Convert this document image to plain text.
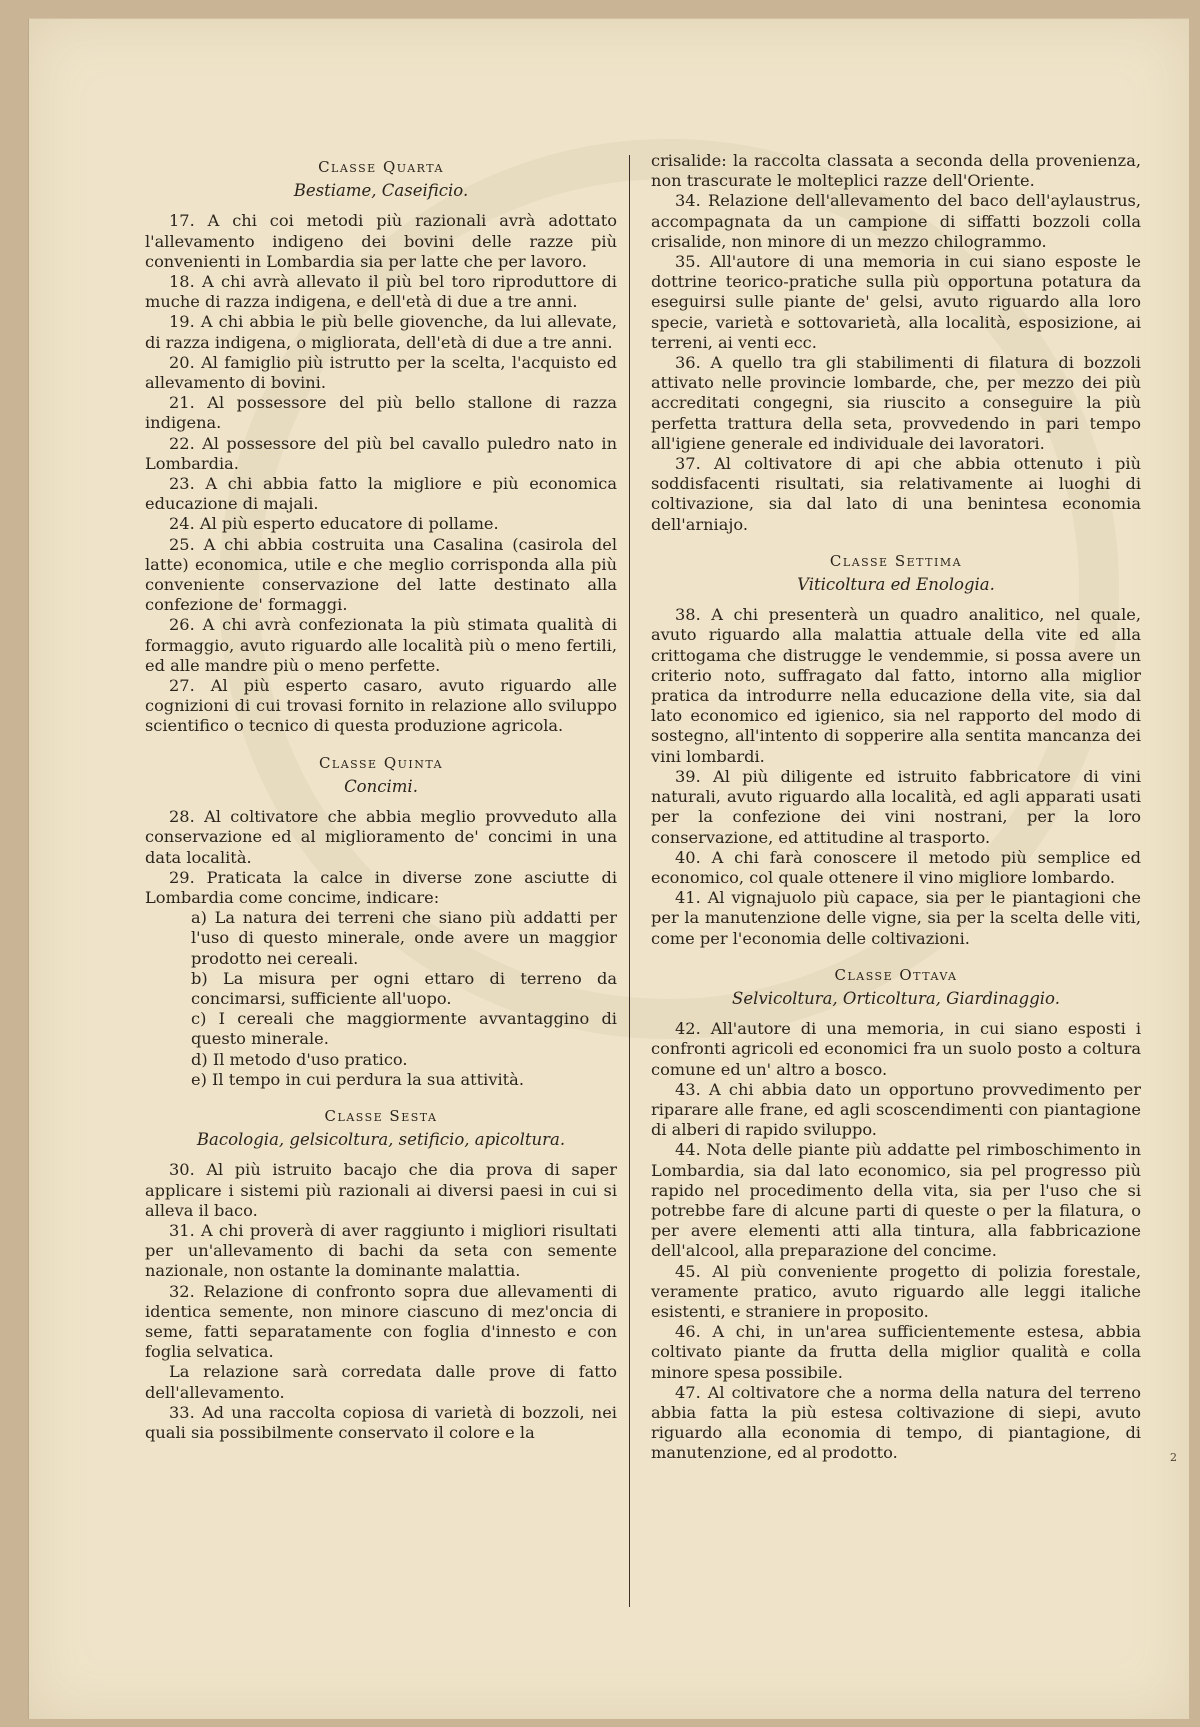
Classe Quarta
Bestiame, Caseificio.

17. A chi coi metodi più razionali avrà adottato l'allevamento indigeno dei bovini delle razze più convenienti in Lombardia sia per latte che per lavoro.

18. A chi avrà allevato il più bel toro riproduttore di muche di razza indigena, e dell'età di due a tre anni.

19. A chi abbia le più belle giovenche, da lui allevate, di razza indigena, o migliorata, dell'età di due a tre anni.

20. Al famiglio più istrutto per la scelta, l'acquisto ed allevamento di bovini.

21. Al possessore del più bello stallone di razza indigena.

22. Al possessore del più bel cavallo puledro nato in Lombardia.

23. A chi abbia fatto la migliore e più economica educazione di majali.

24. Al più esperto educatore di pollame.

25. A chi abbia costruita una Casalina (casirola del latte) economica, utile e che meglio corrisponda alla più conveniente conservazione del latte destinato alla confezione de' formaggi.

26. A chi avrà confezionata la più stimata qualità di formaggio, avuto riguardo alle località più o meno fertili, ed alle mandre più o meno perfette.

27. Al più esperto casaro, avuto riguardo alle cognizioni di cui trovasi fornito in relazione allo sviluppo scientifico o tecnico di questa produzione agricola.

Classe Quinta
Concimi.

28. Al coltivatore che abbia meglio provveduto alla conservazione ed al miglioramento de' concimi in una data località.

29. Praticata la calce in diverse zone asciutte di Lombardia come concime, indicare:

a) La natura dei terreni che siano più addatti per l'uso di questo minerale, onde avere un maggior prodotto nei cereali.

b) La misura per ogni ettaro di terreno da concimarsi, sufficiente all'uopo.

c) I cereali che maggiormente avvantaggino di questo minerale.

d) Il metodo d'uso pratico.

e) Il tempo in cui perdura la sua attività.

Classe Sesta
Bacologia, gelsicoltura, setificio, apicoltura.

30. Al più istruito bacajo che dia prova di saper applicare i sistemi più razionali ai diversi paesi in cui si alleva il baco.

31. A chi proverà di aver raggiunto i migliori risultati per un'allevamento di bachi da seta con semente nazionale, non ostante la dominante malattia.

32. Relazione di confronto sopra due allevamenti di identica semente, non minore ciascuno di mez'oncia di seme, fatti separatamente con foglia d'innesto e con foglia selvatica.

La relazione sarà corredata dalle prove di fatto dell'allevamento.

33. Ad una raccolta copiosa di varietà di bozzoli, nei quali sia possibilmente conservato il colore e la

crisalide: la raccolta classata a seconda della provenienza, non trascurate le molteplici razze dell'Oriente.

34. Relazione dell'allevamento del baco dell'aylaustrus, accompagnata da un campione di siffatti bozzoli colla crisalide, non minore di un mezzo chilogrammo.

35. All'autore di una memoria in cui siano esposte le dottrine teorico-pratiche sulla più opportuna potatura da eseguirsi sulle piante de' gelsi, avuto riguardo alla loro specie, varietà e sottovarietà, alla località, esposizione, ai terreni, ai venti ecc.

36. A quello tra gli stabilimenti di filatura di bozzoli attivato nelle provincie lombarde, che, per mezzo dei più accreditati congegni, sia riuscito a conseguire la più perfetta trattura della seta, provvedendo in pari tempo all'igiene generale ed individuale dei lavoratori.

37. Al coltivatore di api che abbia ottenuto i più soddisfacenti risultati, sia relativamente ai luoghi di coltivazione, sia dal lato di una benintesa economia dell'arniajo.

Classe Settima
Viticoltura ed Enologia.

38. A chi presenterà un quadro analitico, nel quale, avuto riguardo alla malattia attuale della vite ed alla crittogama che distrugge le vendemmie, si possa avere un criterio noto, suffragato dal fatto, intorno alla miglior pratica da introdurre nella educazione della vite, sia dal lato economico ed igienico, sia nel rapporto del modo di sostegno, all'intento di sopperire alla sentita mancanza dei vini lombardi.

39. Al più diligente ed istruito fabbricatore di vini naturali, avuto riguardo alla località, ed agli apparati usati per la confezione dei vini nostrani, per la loro conservazione, ed attitudine al trasporto.

40. A chi farà conoscere il metodo più semplice ed economico, col quale ottenere il vino migliore lombardo.

41. Al vignajuolo più capace, sia per le piantagioni che per la manutenzione delle vigne, sia per la scelta delle viti, come per l'economia delle coltivazioni.

Classe Ottava
Selvicoltura, Orticoltura, Giardinaggio.

42. All'autore di una memoria, in cui siano esposti i confronti agricoli ed economici fra un suolo posto a coltura comune ed un' altro a bosco.

43. A chi abbia dato un opportuno provvedimento per riparare alle frane, ed agli scoscendimenti con piantagione di alberi di rapido sviluppo.

44. Nota delle piante più addatte pel rimboschimento in Lombardia, sia dal lato economico, sia pel progresso più rapido nel procedimento della vita, sia per l'uso che si potrebbe fare di alcune parti di queste o per la filatura, o per avere elementi atti alla tintura, alla fabbricazione dell'alcool, alla preparazione del concime.

45. Al più conveniente progetto di polizia forestale, veramente pratico, avuto riguardo alle leggi italiche esistenti, e straniere in proposito.

46. A chi, in un'area sufficientemente estesa, abbia coltivato piante da frutta della miglior qualità e colla minore spesa possibile.

47. Al coltivatore che a norma della natura del terreno abbia fatta la più estesa coltivazione di siepi, avuto riguardo alla economia di tempo, di piantagione, di manutenzione, ed al prodotto.	2
